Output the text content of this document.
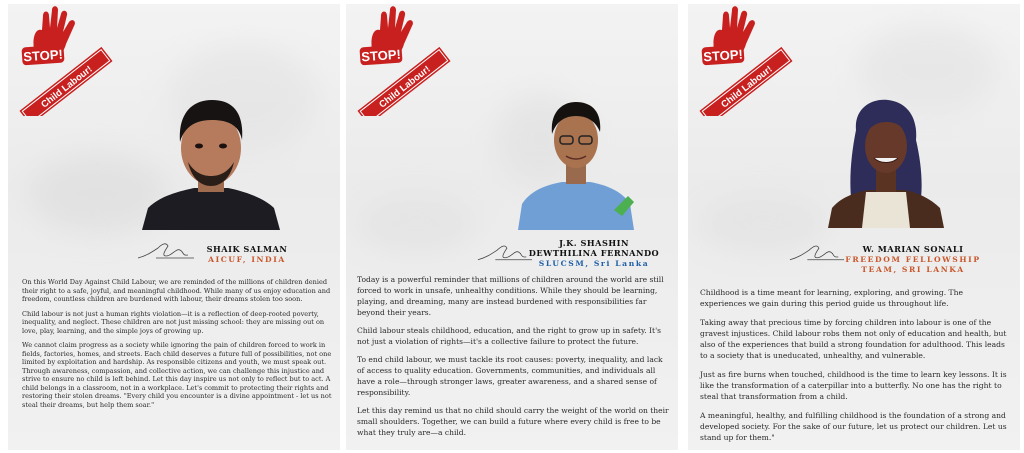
STOP!
Child Labour!
SHAIK SALMAN
AICUF, INDIA

On this World Day Against Child Labour, we are reminded of the millions of children denied their right to a safe, joyful, and meaningful childhood. While many of us enjoy education and freedom, countless children are burdened with labour, their dreams stolen too soon.

Child labour is not just a human rights violation—it is a reflection of deep-rooted poverty, inequality, and neglect. These children are not just missing school: they are missing out on love, play, learning, and the simple joys of growing up.

We cannot claim progress as a society while ignoring the pain of children forced to work in fields, factories, homes, and streets. Each child deserves a future full of possibilities, not one limited by exploitation and hardship. As responsible citizens and youth, we must speak out. Through awareness, compassion, and collective action, we can challenge this injustice and strive to ensure no child is left behind. Let this day inspire us not only to reflect but to act. A child belongs in a classroom, not in a workplace. Let's commit to protecting their rights and restoring their stolen dreams. "Every child you encounter is a divine appointment - let us not steal their dreams, but help them soar."

STOP!
Child Labour!
J.K. SHASHIN DEWTHILINA FERNANDO
SLUCSM, Sri Lanka

Today is a powerful reminder that millions of children around the world are still forced to work in unsafe, unhealthy conditions. While they should be learning, playing, and dreaming, many are instead burdened with responsibilities far beyond their years.

Child labour steals childhood, education, and the right to grow up in safety. It's not just a violation of rights—it's a collective failure to protect the future.

To end child labour, we must tackle its root causes: poverty, inequality, and lack of access to quality education. Governments, communities, and individuals all have a role—through stronger laws, greater awareness, and a shared sense of responsibility.

Let this day remind us that no child should carry the weight of the world on their small shoulders. Together, we can build a future where every child is free to be what they truly are—a child.

STOP!
Child Labour!
W. MARIAN SONALI
FREEDOM FELLOWSHIP TEAM, SRI LANKA

Childhood is a time meant for learning, exploring, and growing. The experiences we gain during this period guide us throughout life.

Taking away that precious time by forcing children into labour is one of the gravest injustices. Child labour robs them not only of education and health, but also of the experiences that build a strong foundation for adulthood. This leads to a society that is uneducated, unhealthy, and vulnerable.

Just as fire burns when touched, childhood is the time to learn key lessons. It is like the transformation of a caterpillar into a butterfly. No one has the right to steal that transformation from a child.

A meaningful, healthy, and fulfilling childhood is the foundation of a strong and developed society. For the sake of our future, let us protect our children. Let us stand up for them."
